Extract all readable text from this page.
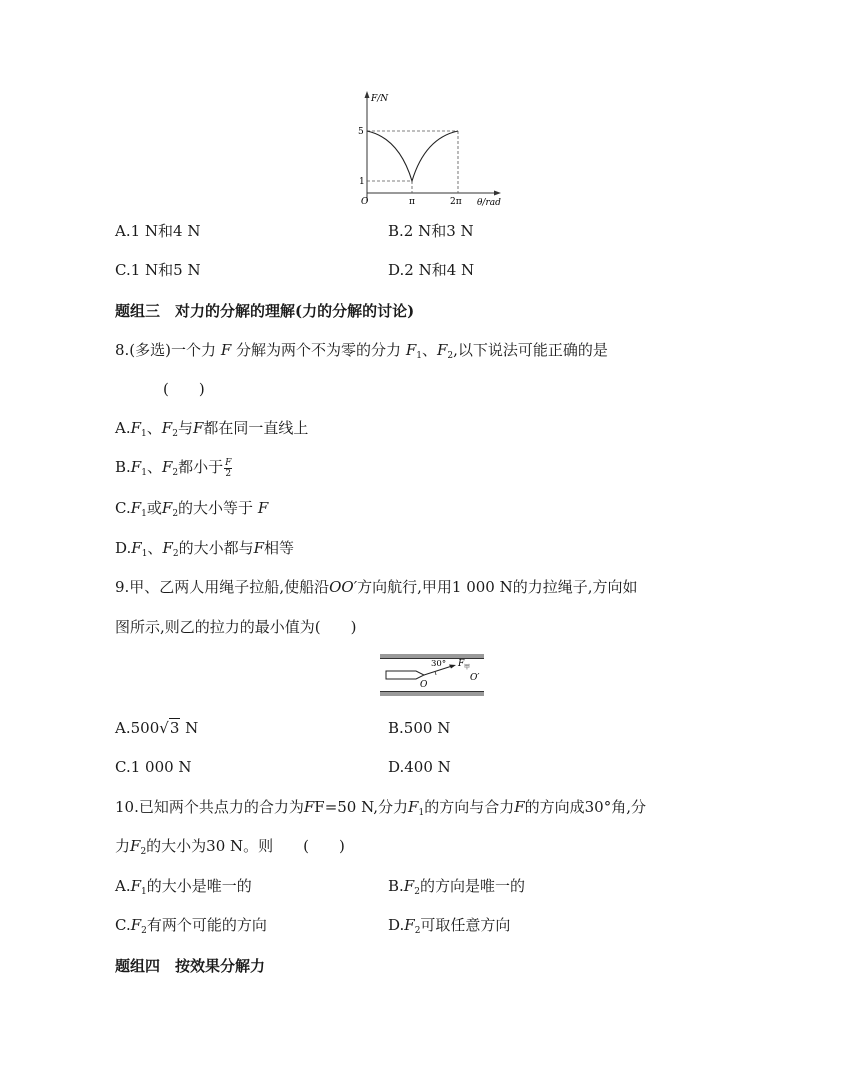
F/N
θ/rad
O
5
1
π	2π
A.1 N和4 N	B.2 N和3 N
C.1 N和5 N	D.2 N和4 N
题组三　对力的分解的理解(力的分解的讨论)
8.(多选)一个力 F 分解为两个不为零的分力 $F_1$、$F_2$,以下说法可能正确的是
(　　)
$A.F_1$、$F_2$与F都在同一直线上
$B.F_1$、$F_2$都小于 $\frac{F}{2}$
$C.F_1$或$F_2$的大小等于 F
$D.F_1$、$F_2$的大小都与F相等
9.甲、乙两人用绳子拉船,使船沿OO′方向航行,甲用1 000 N的力拉绳子,方向如
图所示,则乙的拉力的最小值为(　　)
30° F 甲
O
O′
A.500√3 N	B.500 N
C.1 000 N	D.400 N
10.已知两个共点力的合力为FF=50 N,分力$F_1$的方向与合力F的方向成30°角,分
力$F_2$的大小为30 N。则　　(　　)
$A.F_1$的大小是唯一的	$B.F_2$的方向是唯一的
$C.F_2$有两个可能的方向	$D.F_2$可取任意方向
题组四　按效果分解力
